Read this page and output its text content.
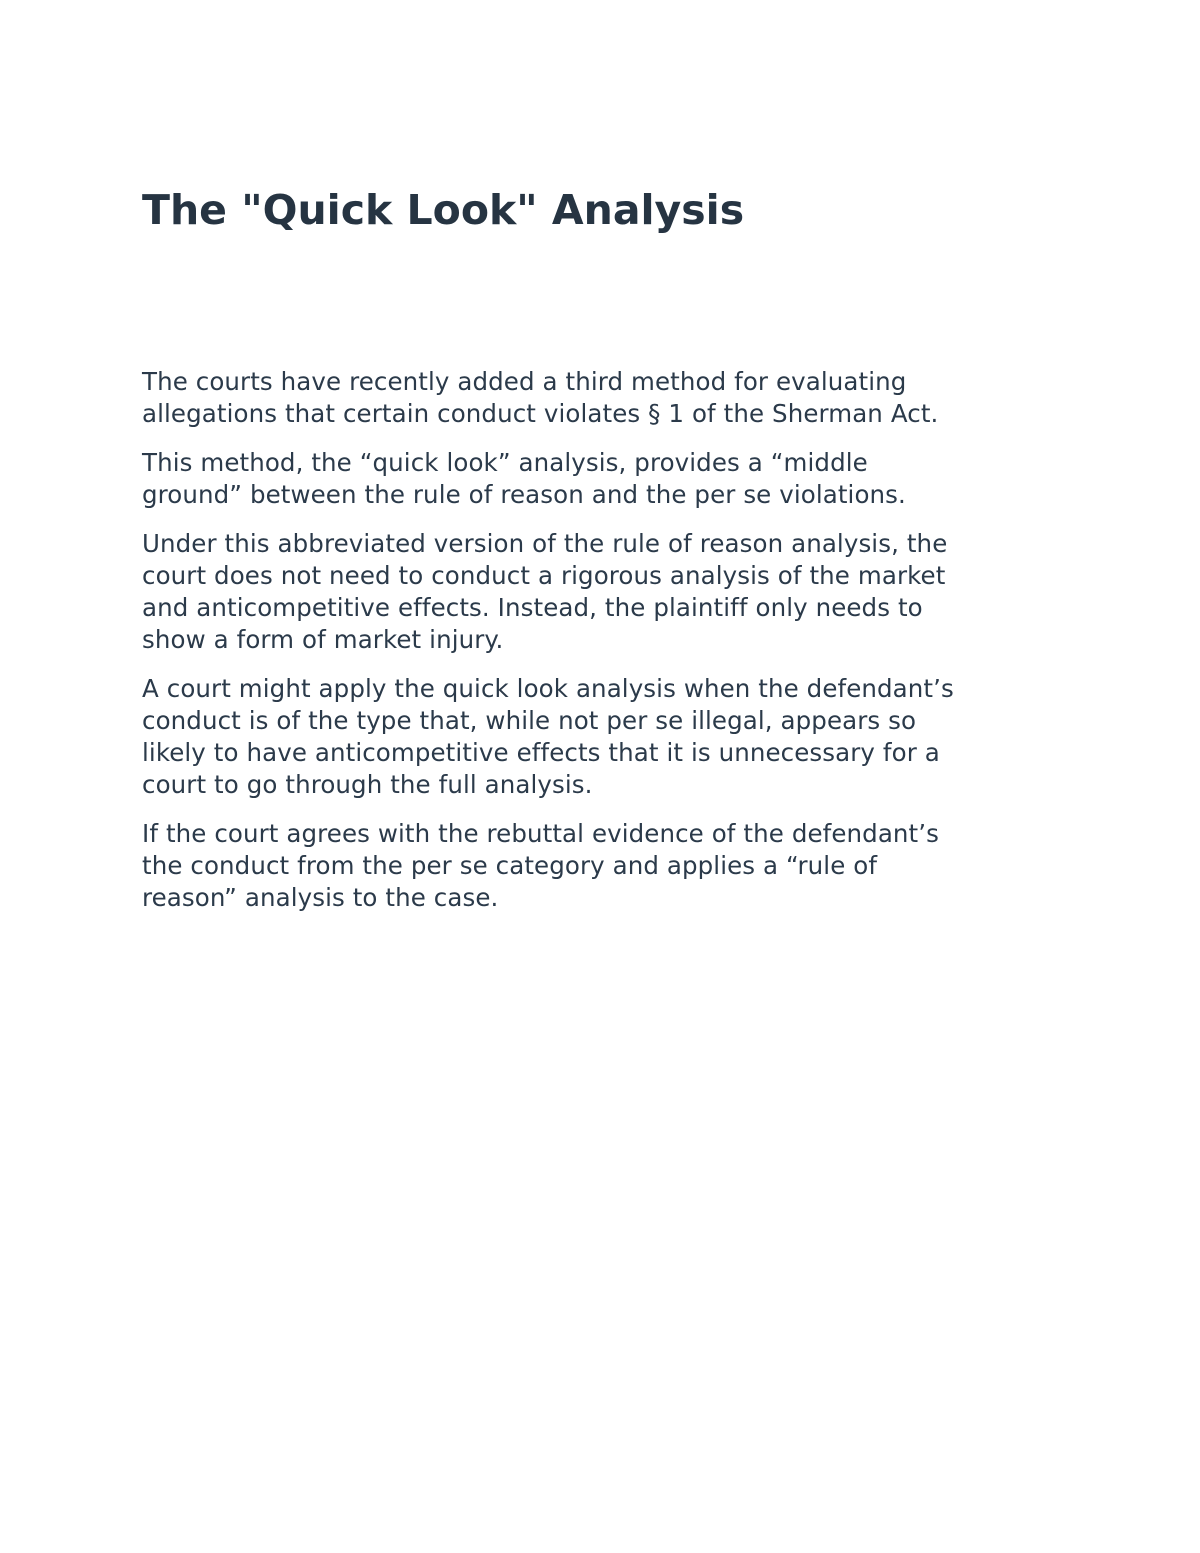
The "Quick Look" Analysis

The courts have recently added a third method for evaluating
allegations that certain conduct violates § 1 of the Sherman Act.

This method, the “quick look” analysis, provides a “middle
ground” between the rule of reason and the per se violations.

Under this abbreviated version of the rule of reason analysis, the
court does not need to conduct a rigorous analysis of the market
and anticompetitive effects. Instead, the plaintiff only needs to
show a form of market injury.

A court might apply the quick look analysis when the defendant’s
conduct is of the type that, while not per se illegal, appears so
likely to have anticompetitive effects that it is unnecessary for a
court to go through the full analysis.

If the court agrees with the rebuttal evidence of the defendant’s
the conduct from the per se category and applies a “rule of
reason” analysis to the case.
